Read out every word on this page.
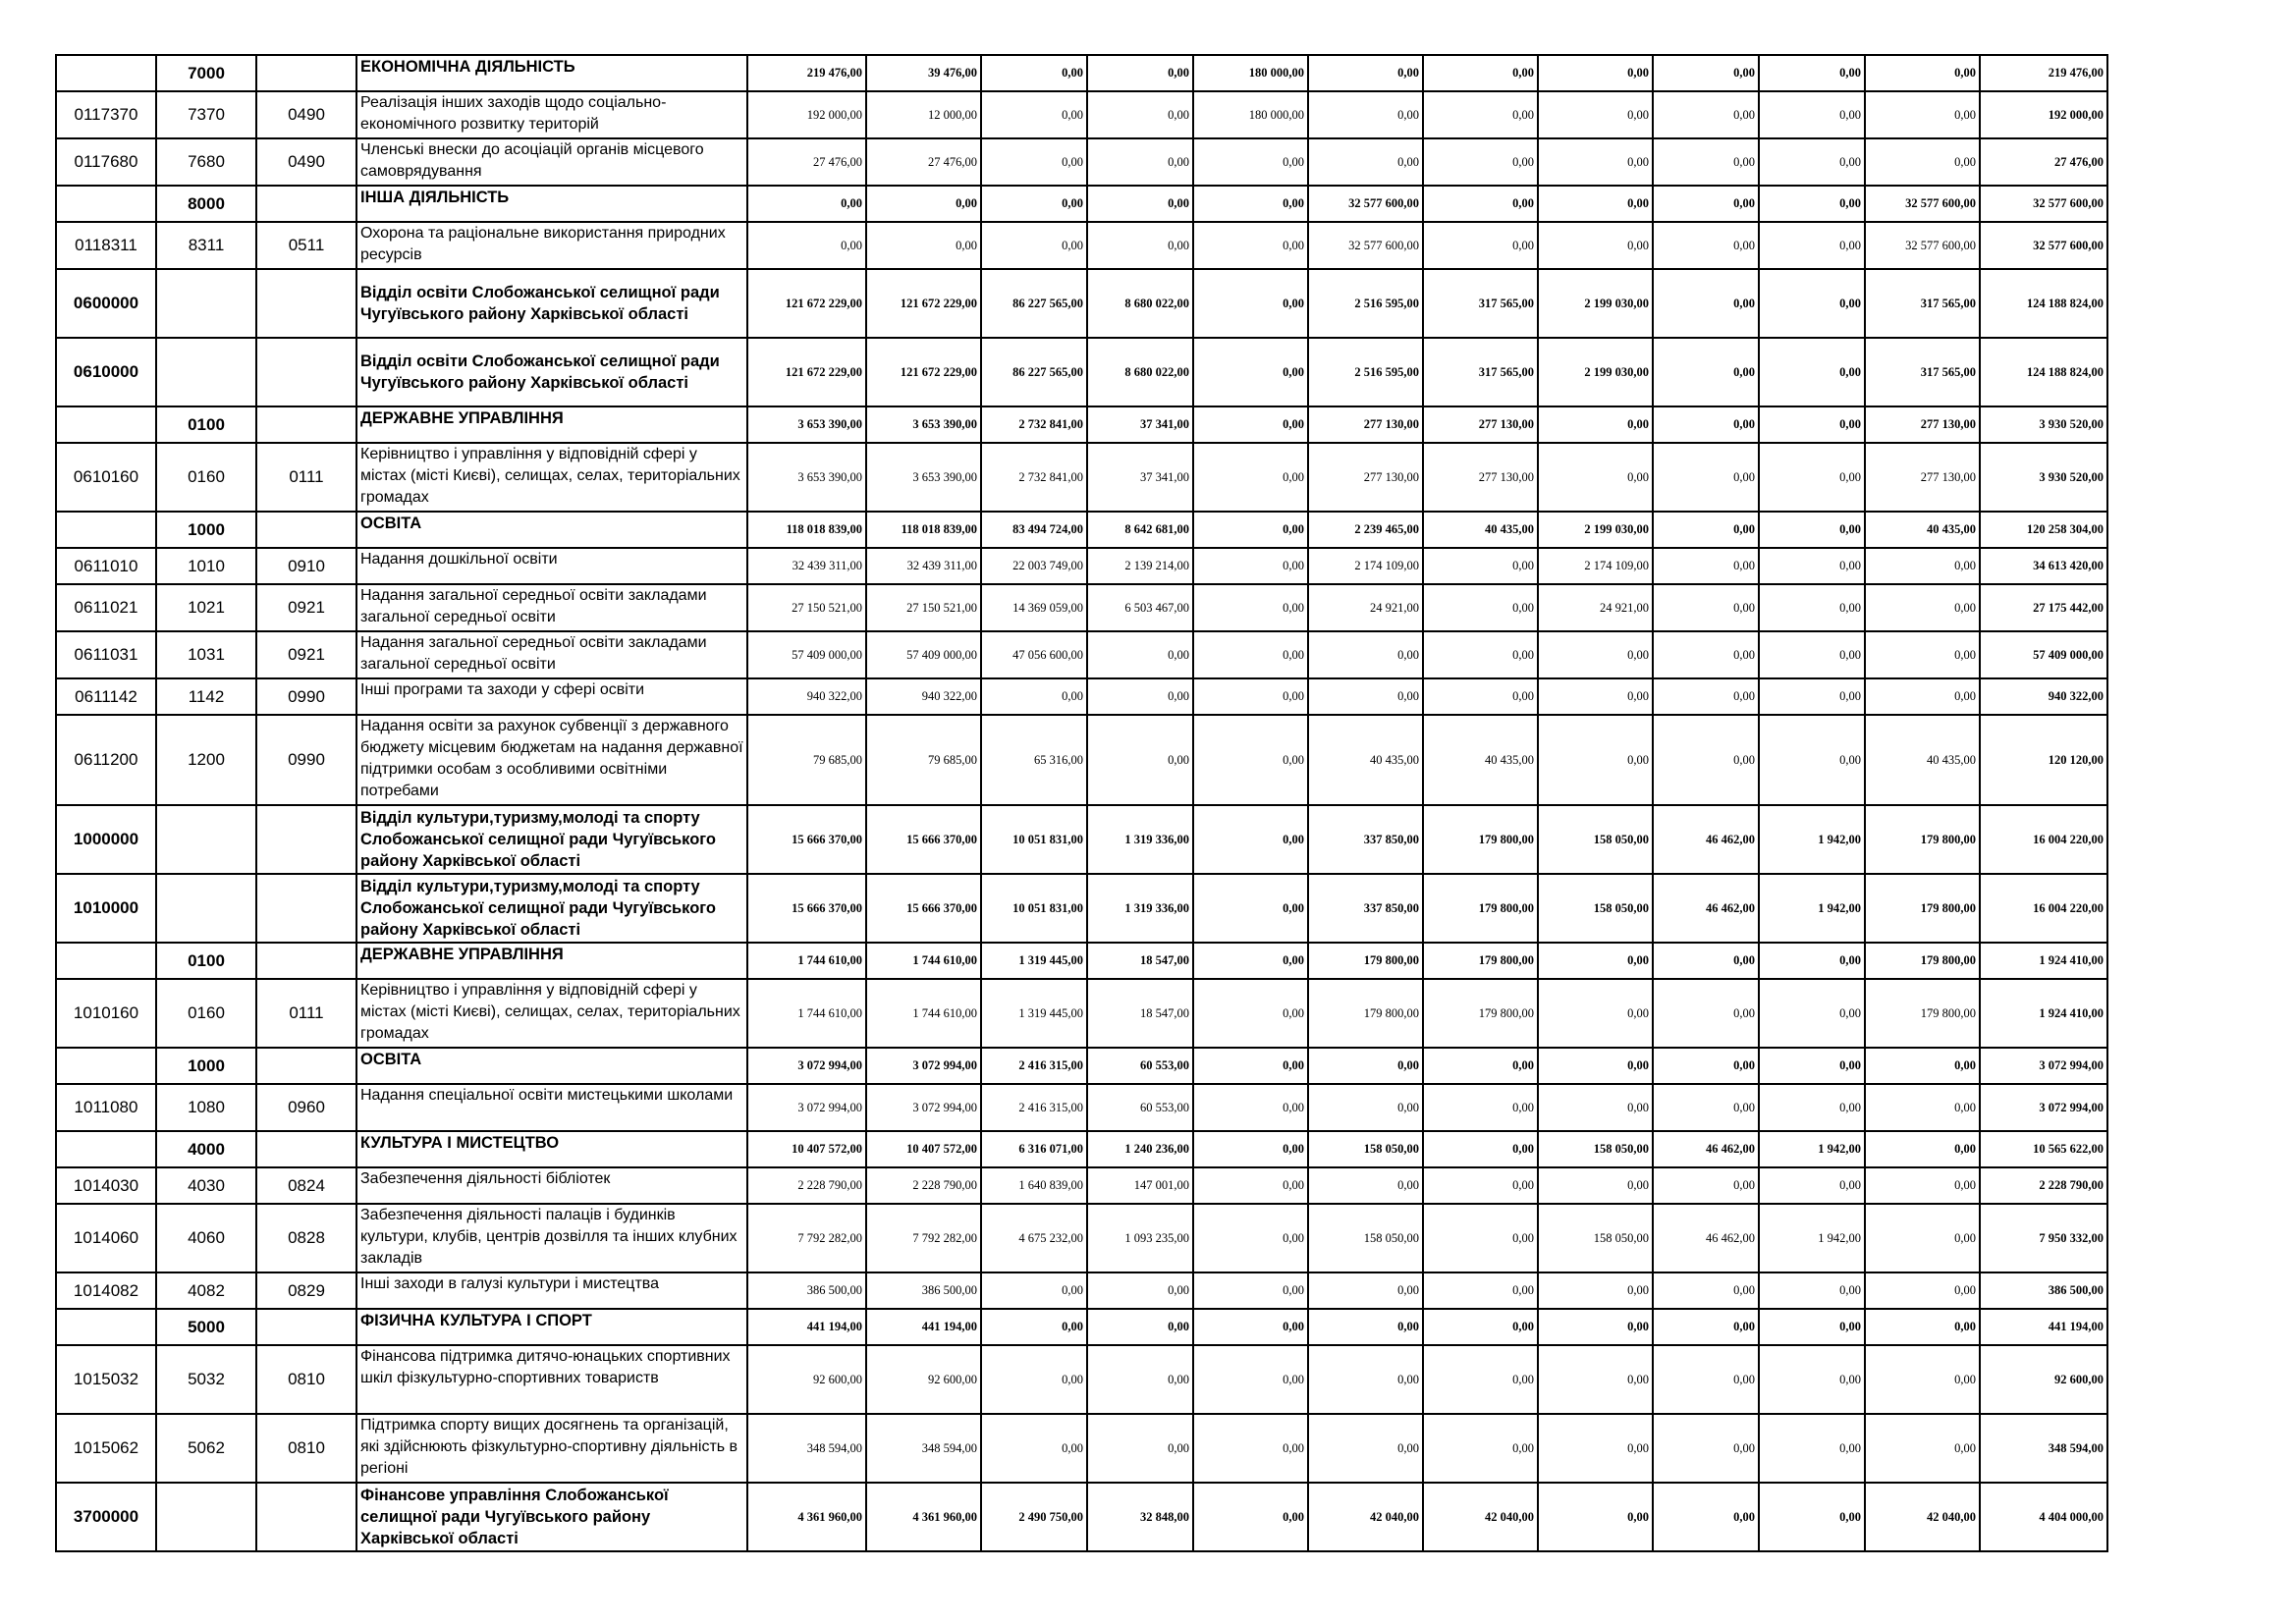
	7000		ЕКОНОМІЧНА ДІЯЛЬНІСТЬ	219 476,00	39 476,00	0,00	0,00	180 000,00	0,00	0,00	0,00	0,00	0,00	0,00	219 476,00
0117370	7370	0490	Реалізація інших заходів щодо соціально-економічного розвитку територій	192 000,00	12 000,00	0,00	0,00	180 000,00	0,00	0,00	0,00	0,00	0,00	0,00	192 000,00
0117680	7680	0490	Членські внески до асоціацій органів місцевого самоврядування	27 476,00	27 476,00	0,00	0,00	0,00	0,00	0,00	0,00	0,00	0,00	0,00	27 476,00
	8000		ІНША ДІЯЛЬНІСТЬ	0,00	0,00	0,00	0,00	0,00	32 577 600,00	0,00	0,00	0,00	0,00	32 577 600,00	32 577 600,00
0118311	8311	0511	Охорона та раціональне використання природних ресурсів	0,00	0,00	0,00	0,00	0,00	32 577 600,00	0,00	0,00	0,00	0,00	32 577 600,00	32 577 600,00
0600000			Відділ освіти Слобожанської селищної ради Чугуївського району Харківської області	121 672 229,00	121 672 229,00	86 227 565,00	8 680 022,00	0,00	2 516 595,00	317 565,00	2 199 030,00	0,00	0,00	317 565,00	124 188 824,00
0610000			Відділ освіти Слобожанської селищної ради Чугуївського району Харківської області	121 672 229,00	121 672 229,00	86 227 565,00	8 680 022,00	0,00	2 516 595,00	317 565,00	2 199 030,00	0,00	0,00	317 565,00	124 188 824,00
	0100		ДЕРЖАВНЕ УПРАВЛІННЯ	3 653 390,00	3 653 390,00	2 732 841,00	37 341,00	0,00	277 130,00	277 130,00	0,00	0,00	0,00	277 130,00	3 930 520,00
0610160	0160	0111	Керівництво і управління у відповідній сфері у містах (місті Києві), селищах, селах, територіальних громадах	3 653 390,00	3 653 390,00	2 732 841,00	37 341,00	0,00	277 130,00	277 130,00	0,00	0,00	0,00	277 130,00	3 930 520,00
	1000		ОСВІТА	118 018 839,00	118 018 839,00	83 494 724,00	8 642 681,00	0,00	2 239 465,00	40 435,00	2 199 030,00	0,00	0,00	40 435,00	120 258 304,00
0611010	1010	0910	Надання дошкільної освіти	32 439 311,00	32 439 311,00	22 003 749,00	2 139 214,00	0,00	2 174 109,00	0,00	2 174 109,00	0,00	0,00	0,00	34 613 420,00
0611021	1021	0921	Надання загальної середньої освіти закладами загальної середньої освіти	27 150 521,00	27 150 521,00	14 369 059,00	6 503 467,00	0,00	24 921,00	0,00	24 921,00	0,00	0,00	0,00	27 175 442,00
0611031	1031	0921	Надання загальної середньої освіти закладами загальної середньої освіти	57 409 000,00	57 409 000,00	47 056 600,00	0,00	0,00	0,00	0,00	0,00	0,00	0,00	0,00	57 409 000,00
0611142	1142	0990	Інші програми та заходи у сфері освіти	940 322,00	940 322,00	0,00	0,00	0,00	0,00	0,00	0,00	0,00	0,00	0,00	940 322,00
0611200	1200	0990	Надання освіти за рахунок субвенції з державного бюджету місцевим бюджетам на надання державної підтримки особам з особливими освітніми потребами	79 685,00	79 685,00	65 316,00	0,00	0,00	40 435,00	40 435,00	0,00	0,00	0,00	40 435,00	120 120,00
1000000			Відділ культури,туризму,молоді та спорту Слобожанської селищної ради Чугуївського району Харківської області	15 666 370,00	15 666 370,00	10 051 831,00	1 319 336,00	0,00	337 850,00	179 800,00	158 050,00	46 462,00	1 942,00	179 800,00	16 004 220,00
1010000			Відділ культури,туризму,молоді та спорту Слобожанської селищної ради Чугуївського району Харківської області	15 666 370,00	15 666 370,00	10 051 831,00	1 319 336,00	0,00	337 850,00	179 800,00	158 050,00	46 462,00	1 942,00	179 800,00	16 004 220,00
	0100		ДЕРЖАВНЕ УПРАВЛІННЯ	1 744 610,00	1 744 610,00	1 319 445,00	18 547,00	0,00	179 800,00	179 800,00	0,00	0,00	0,00	179 800,00	1 924 410,00
1010160	0160	0111	Керівництво і управління у відповідній сфері у містах (місті Києві), селищах, селах, територіальних громадах	1 744 610,00	1 744 610,00	1 319 445,00	18 547,00	0,00	179 800,00	179 800,00	0,00	0,00	0,00	179 800,00	1 924 410,00
	1000		ОСВІТА	3 072 994,00	3 072 994,00	2 416 315,00	60 553,00	0,00	0,00	0,00	0,00	0,00	0,00	0,00	3 072 994,00
1011080	1080	0960	Надання спеціальної освіти мистецькими школами	3 072 994,00	3 072 994,00	2 416 315,00	60 553,00	0,00	0,00	0,00	0,00	0,00	0,00	0,00	3 072 994,00
	4000		КУЛЬТУРА І МИСТЕЦТВО	10 407 572,00	10 407 572,00	6 316 071,00	1 240 236,00	0,00	158 050,00	0,00	158 050,00	46 462,00	1 942,00	0,00	10 565 622,00
1014030	4030	0824	Забезпечення діяльності бібліотек	2 228 790,00	2 228 790,00	1 640 839,00	147 001,00	0,00	0,00	0,00	0,00	0,00	0,00	0,00	2 228 790,00
1014060	4060	0828	Забезпечення діяльності палаців i будинків культури, клубів, центрів дозвілля та iнших клубних закладів	7 792 282,00	7 792 282,00	4 675 232,00	1 093 235,00	0,00	158 050,00	0,00	158 050,00	46 462,00	1 942,00	0,00	7 950 332,00
1014082	4082	0829	Інші заходи в галузі культури і мистецтва	386 500,00	386 500,00	0,00	0,00	0,00	0,00	0,00	0,00	0,00	0,00	0,00	386 500,00
	5000		ФІЗИЧНА КУЛЬТУРА І СПОРТ	441 194,00	441 194,00	0,00	0,00	0,00	0,00	0,00	0,00	0,00	0,00	0,00	441 194,00
1015032	5032	0810	Фінансова підтримка дитячо-юнацьких спортивних шкіл фізкультурно-спортивних товариств	92 600,00	92 600,00	0,00	0,00	0,00	0,00	0,00	0,00	0,00	0,00	0,00	92 600,00
1015062	5062	0810	Підтримка спорту вищих досягнень та організацій, які здійснюють фізкультурно-спортивну діяльність в регіоні	348 594,00	348 594,00	0,00	0,00	0,00	0,00	0,00	0,00	0,00	0,00	0,00	348 594,00
3700000			Фінансове управління Слобожанської селищної ради Чугуївського району Харківської області	4 361 960,00	4 361 960,00	2 490 750,00	32 848,00	0,00	42 040,00	42 040,00	0,00	0,00	0,00	42 040,00	4 404 000,00
